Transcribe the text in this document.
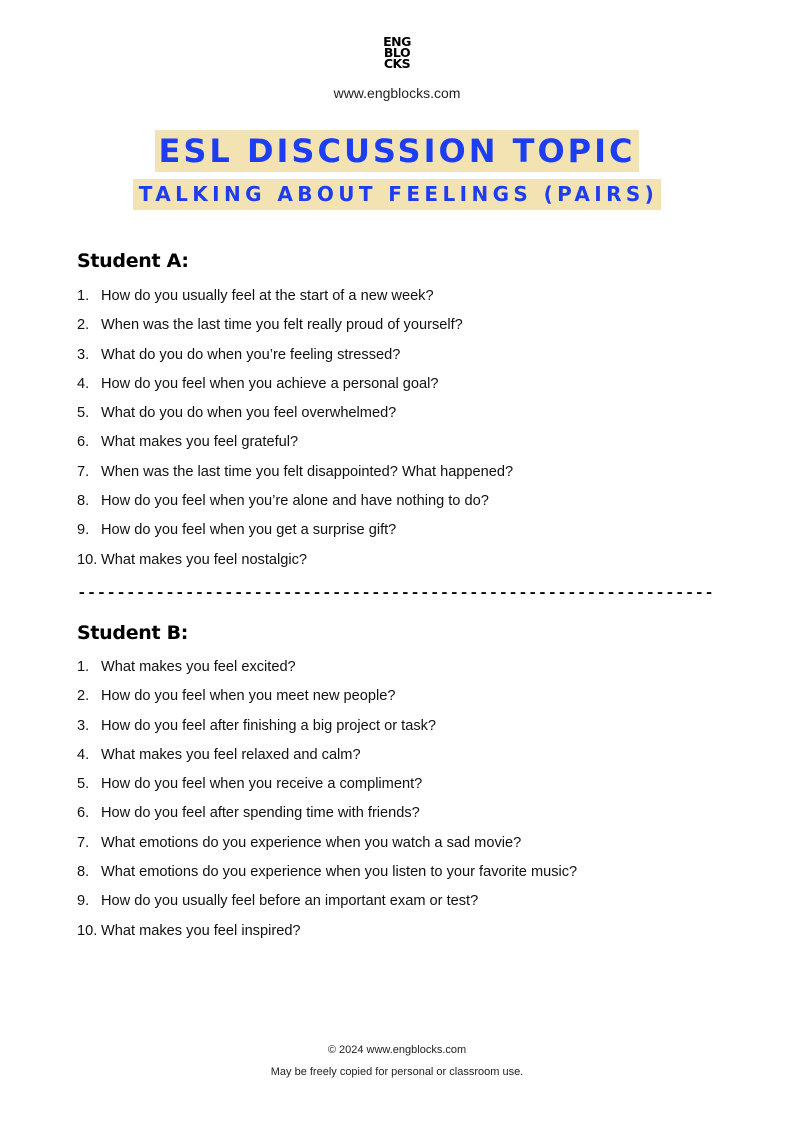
ENG
BLO
CKS
www.engblocks.com
ESL DISCUSSION TOPIC
TALKING ABOUT FEELINGS (PAIRS)
Student A:
1. How do you usually feel at the start of a new week?
2. When was the last time you felt really proud of yourself?
3. What do you do when you’re feeling stressed?
4. How do you feel when you achieve a personal goal?
5. What do you do when you feel overwhelmed?
6. What makes you feel grateful?
7. When was the last time you felt disappointed? What happened?
8. How do you feel when you’re alone and have nothing to do?
9. How do you feel when you get a surprise gift?
10. What makes you feel nostalgic?
-----------------------------------------------------------------
Student B:
1. What makes you feel excited?
2. How do you feel when you meet new people?
3. How do you feel after finishing a big project or task?
4. What makes you feel relaxed and calm?
5. How do you feel when you receive a compliment?
6. How do you feel after spending time with friends?
7. What emotions do you experience when you watch a sad movie?
8. What emotions do you experience when you listen to your favorite music?
9. How do you usually feel before an important exam or test?
10. What makes you feel inspired?
© 2024 www.engblocks.com
May be freely copied for personal or classroom use.
